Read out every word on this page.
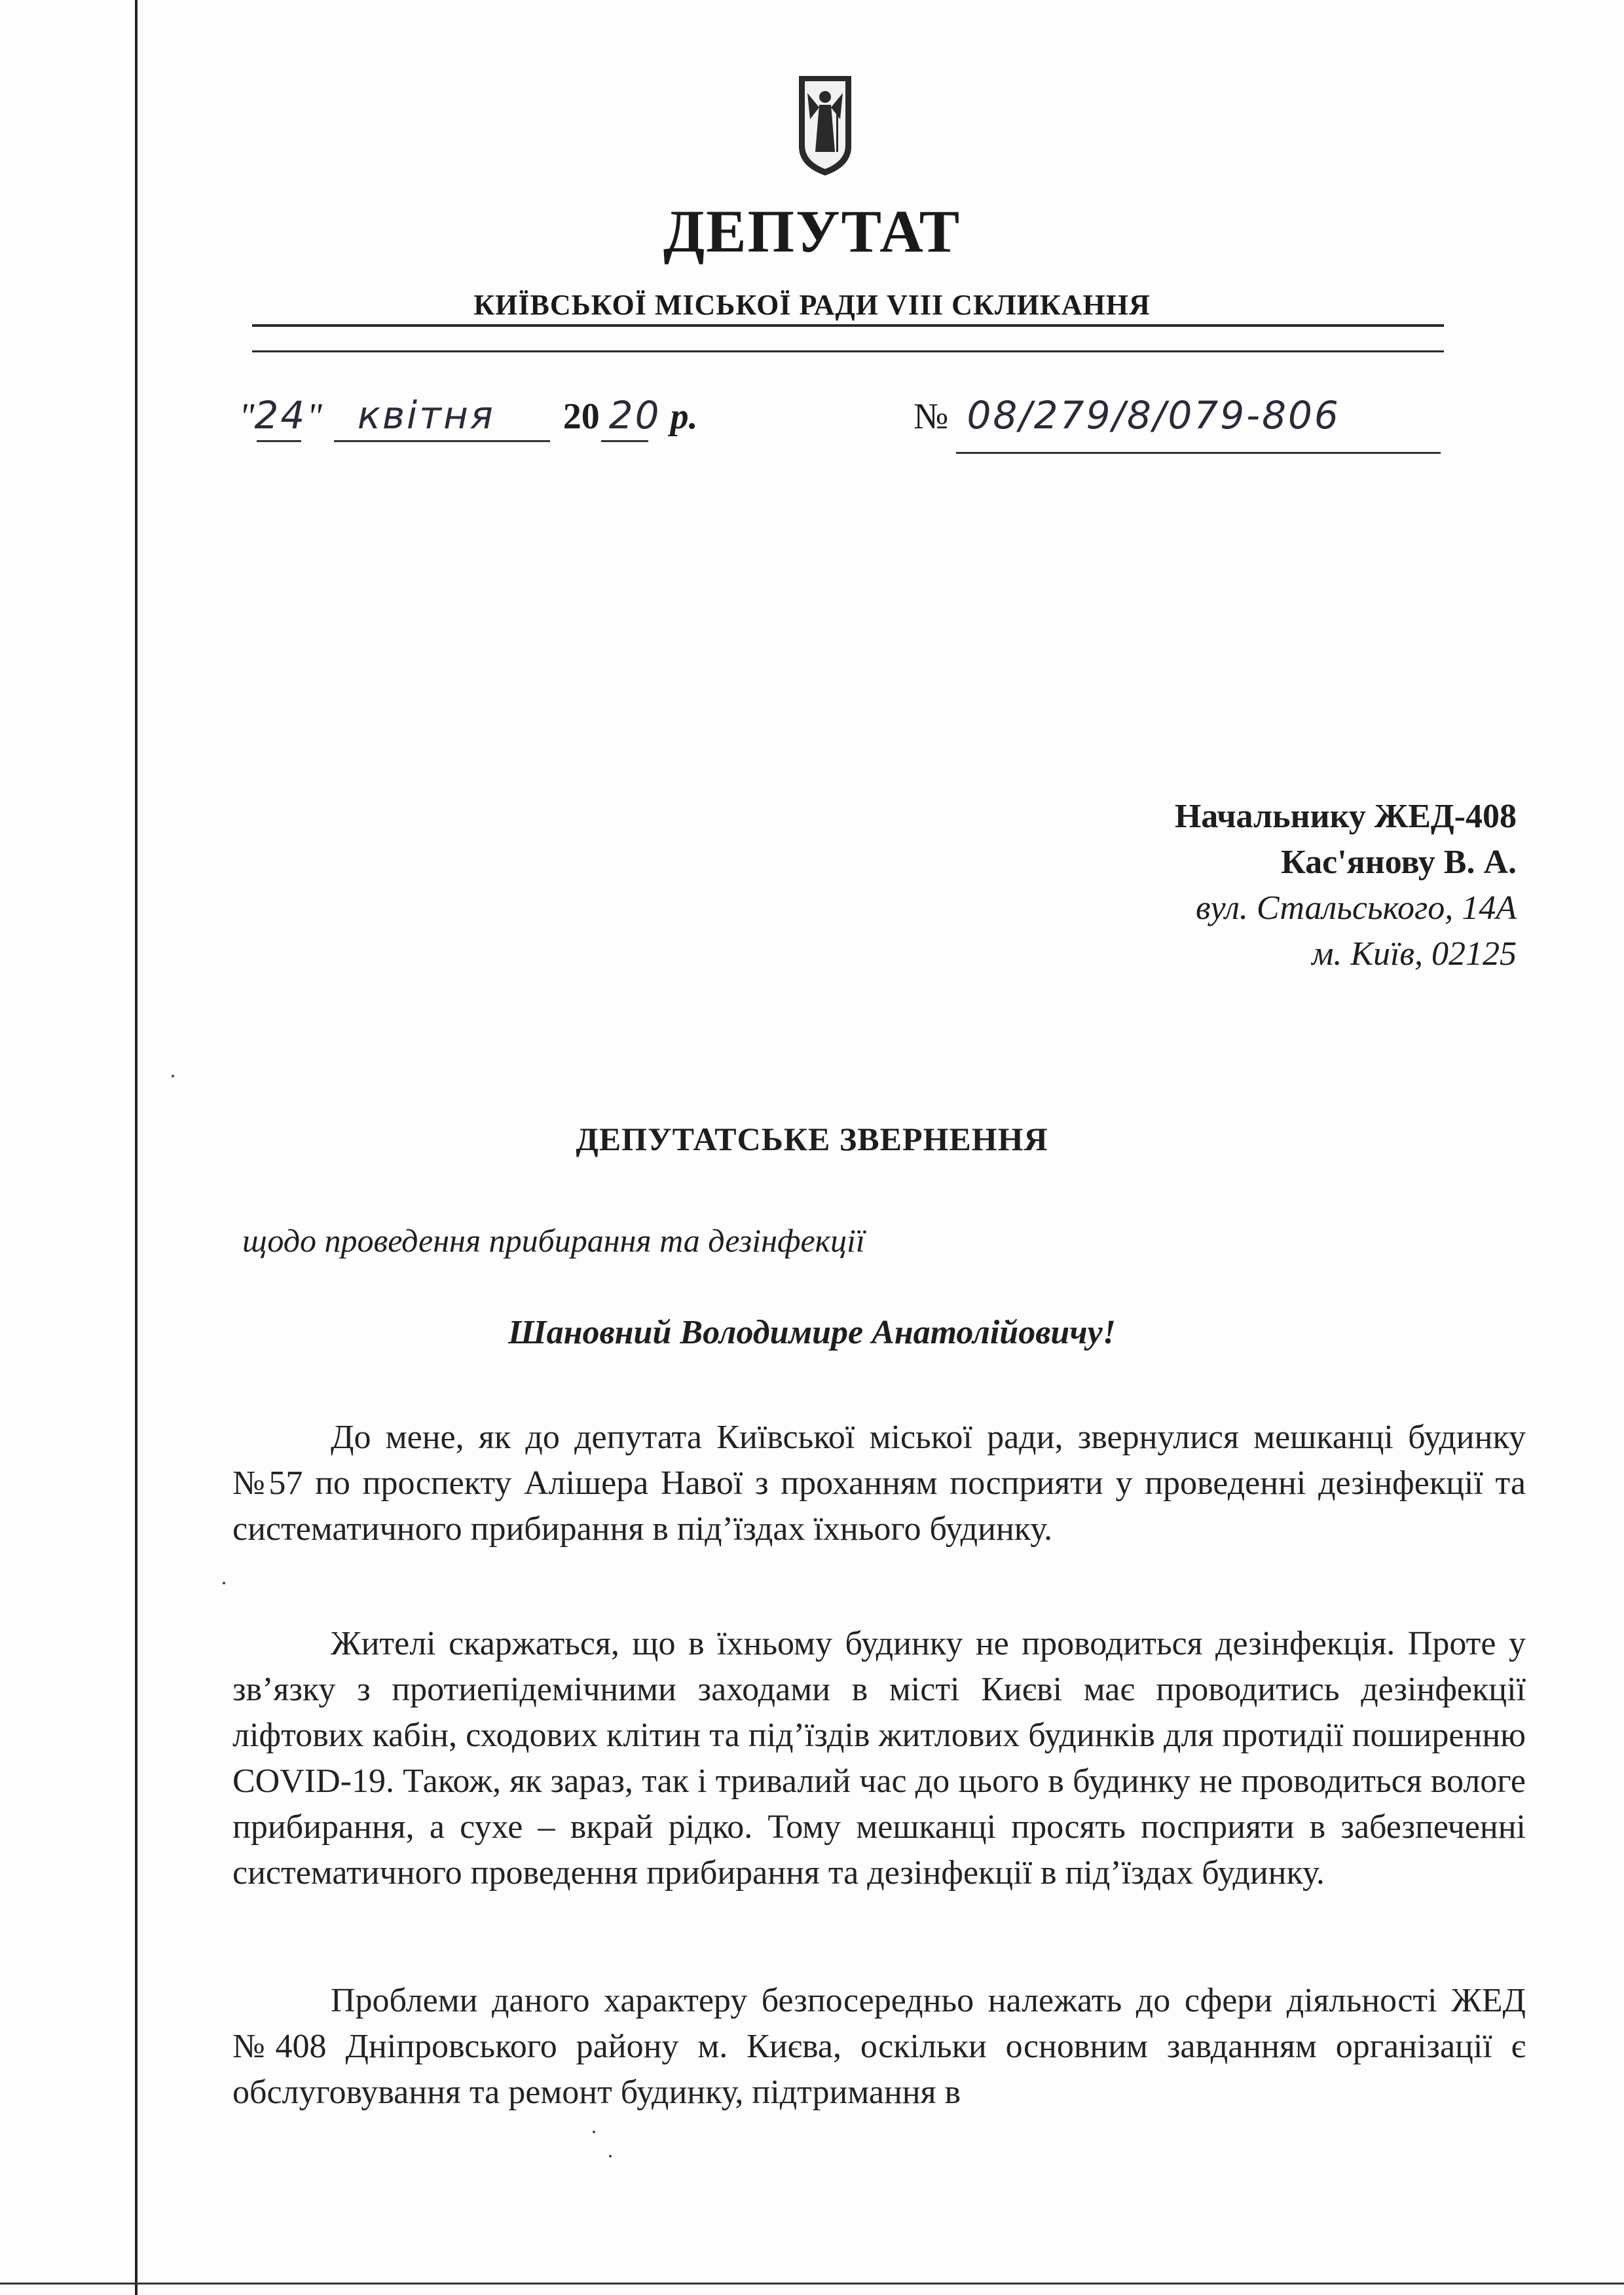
ДЕПУТАТ
КИЇВСЬКОЇ МІСЬКОЇ РАДИ VIII СКЛИКАННЯ
"24" квітня 20 20 р.	№ 08/279/8/079-806
Начальнику ЖЕД-408
Кас'янову В. А.
вул. Стальського, 14А
м. Київ, 02125
ДЕПУТАТСЬКЕ ЗВЕРНЕННЯ
щодо проведення прибирання та дезінфекції
Шановний Володимире Анатолійовичу!
До мене, як до депутата Київської міської ради, звернулися мешканці будинку №57 по проспекту Алішера Навої з проханням посприяти у проведенні дезінфекції та систематичного прибирання в під’їздах їхнього будинку.
Жителі скаржаться, що в їхньому будинку не проводиться дезінфекція. Проте у зв’язку з протиепідемічними заходами в місті Києві має проводитись дезінфекції ліфтових кабін, сходових клітин та під’їздів житлових будинків для протидії поширенню COVID-19. Також, як зараз, так і тривалий час до цього в будинку не проводиться вологе прибирання, а сухе – вкрай рідко. Тому мешканці просять посприяти в забезпеченні систематичного проведення прибирання та дезінфекції в під’їздах будинку.
Проблеми даного характеру безпосередньо належать до сфери діяльності ЖЕД №408 Дніпровського району м. Києва, оскільки основним завданням організації є обслуговування та ремонт будинку, підтримання в
